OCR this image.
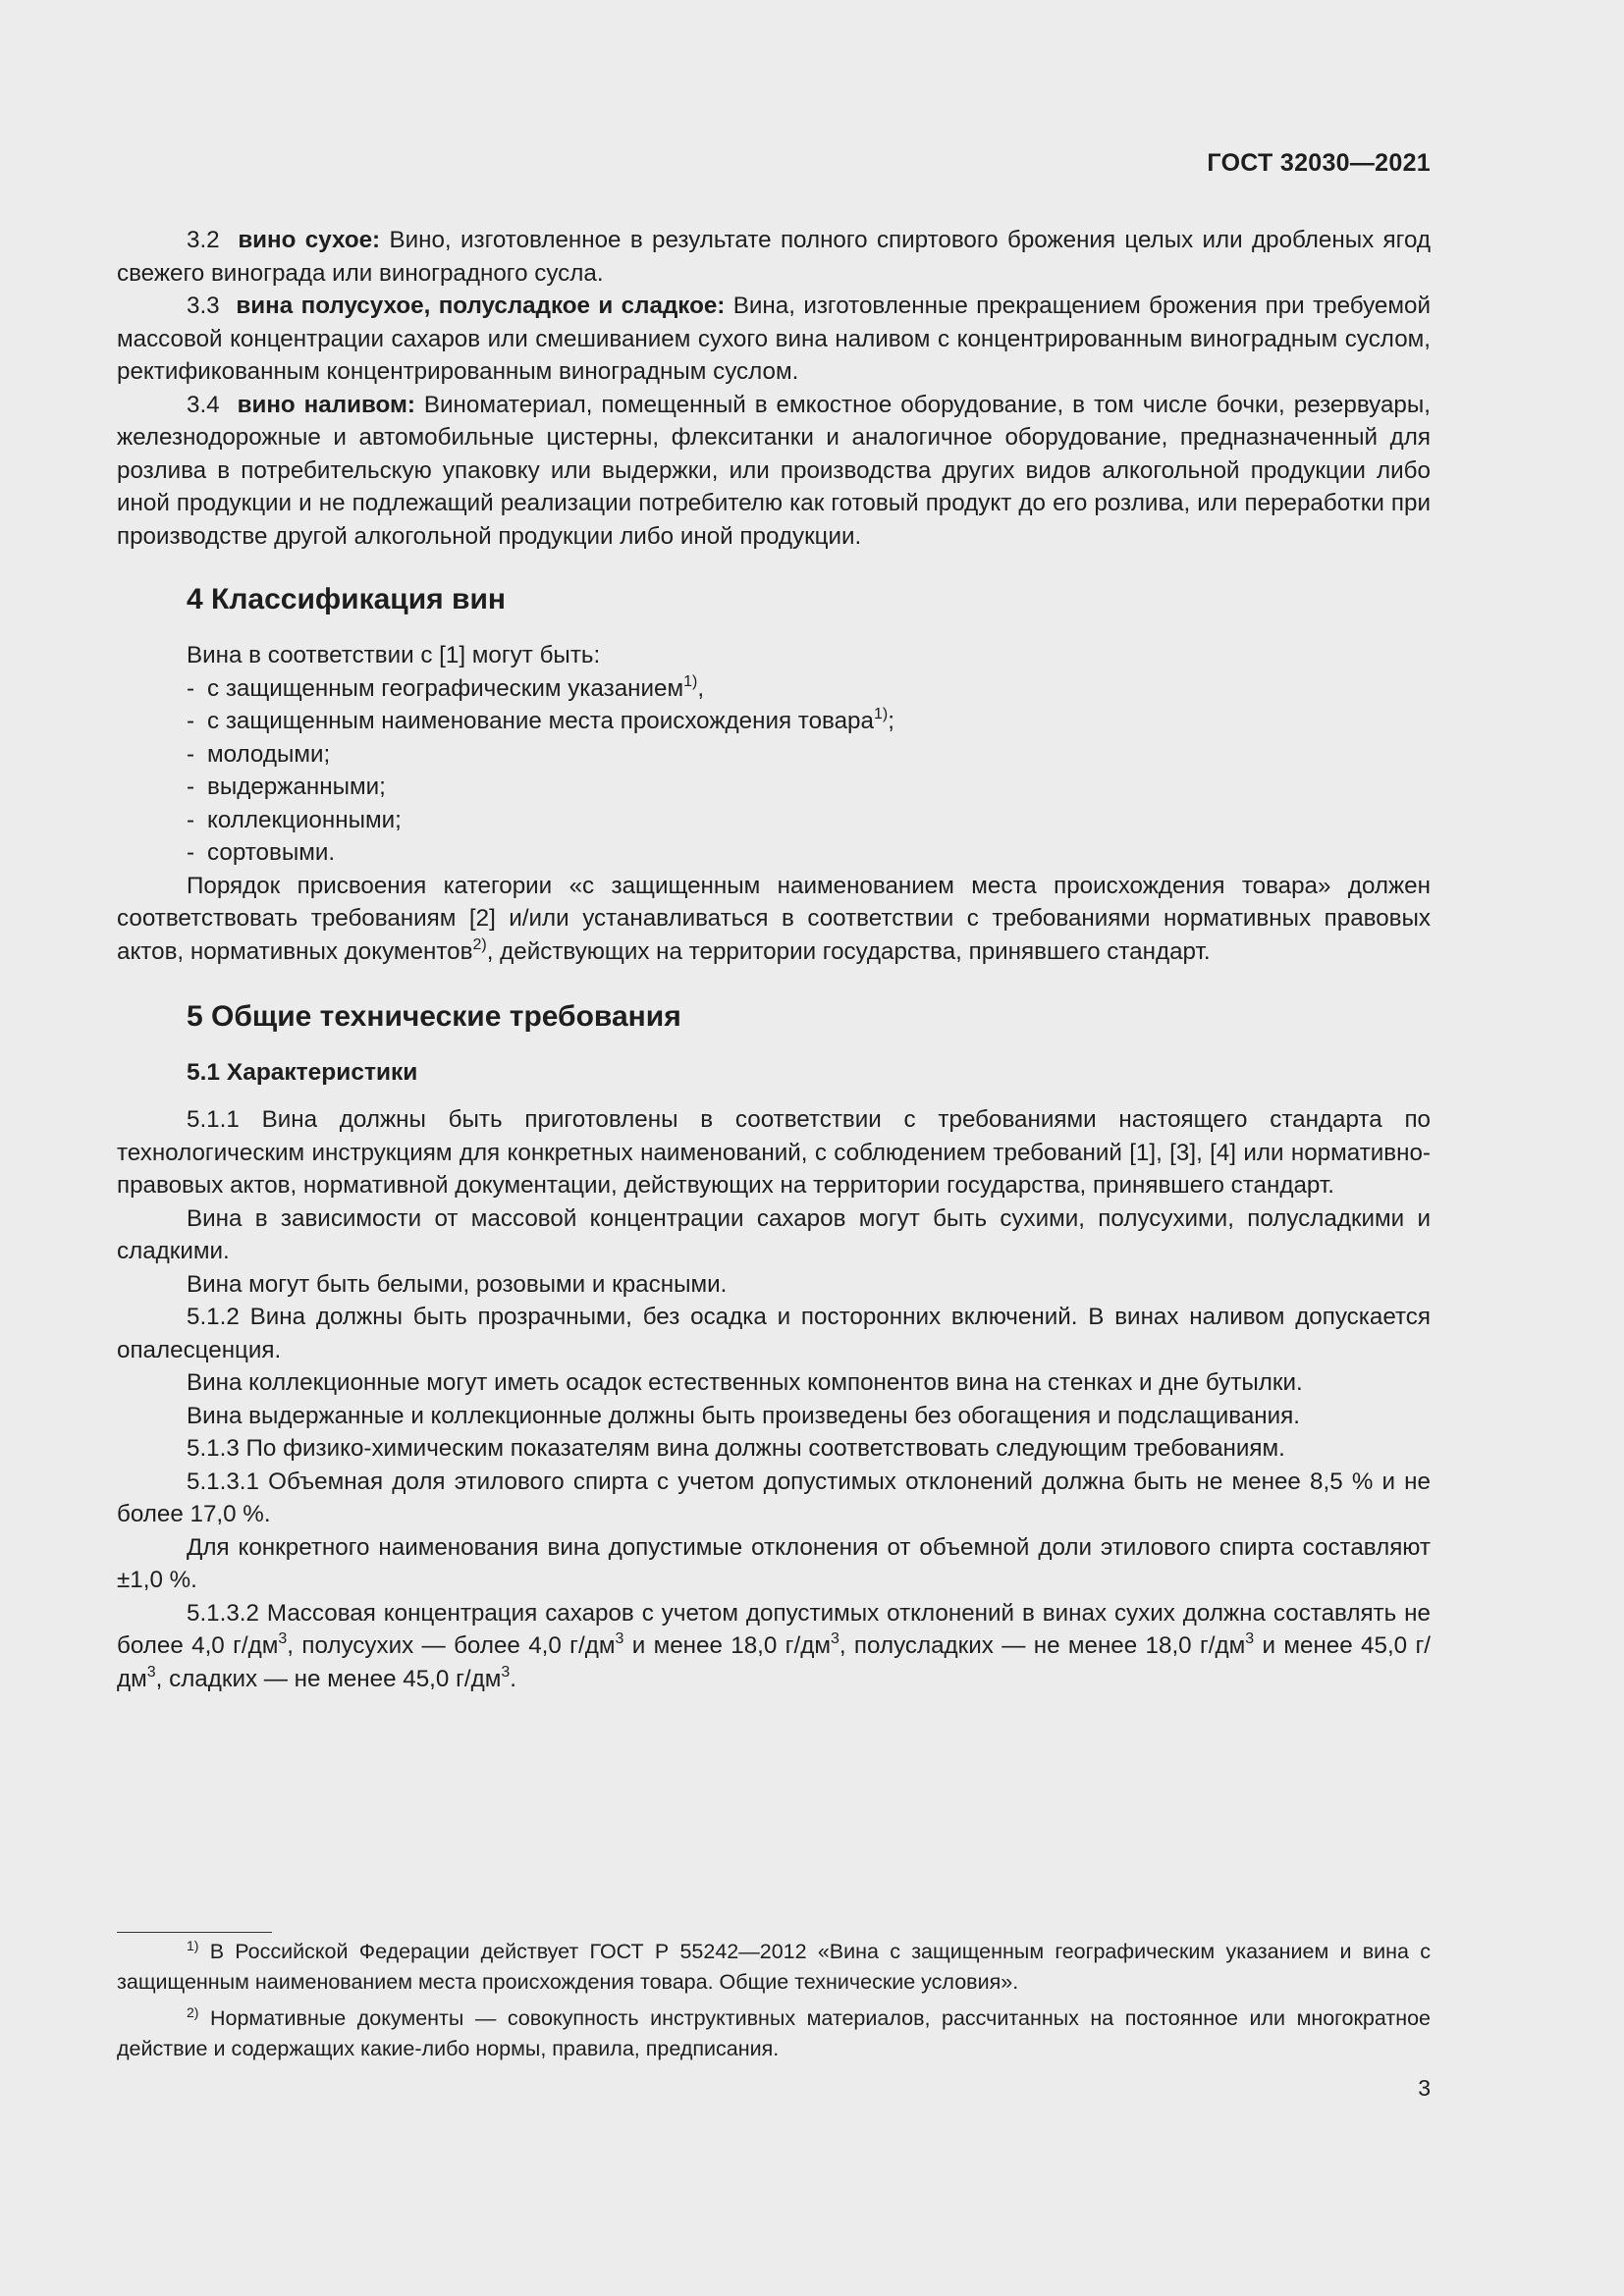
ГОСТ 32030—2021

3.2 вино сухое: Вино, изготовленное в результате полного спиртового брожения целых или дробленых ягод свежего винограда или виноградного сусла.

3.3 вина полусухое, полусладкое и сладкое: Вина, изготовленные прекращением брожения при требуемой массовой концентрации сахаров или смешиванием сухого вина наливом с концентрированным виноградным суслом, ректификованным концентрированным виноградным суслом.

3.4 вино наливом: Виноматериал, помещенный в емкостное оборудование, в том числе бочки, резервуары, железнодорожные и автомобильные цистерны, флекситанки и аналогичное оборудование, предназначенный для розлива в потребительскую упаковку или выдержки, или производства других видов алкогольной продукции либо иной продукции и не подлежащий реализации потребителю как готовый продукт до его розлива, или переработки при производстве другой алкогольной продукции либо иной продукции.

4 Классификация вин

Вина в соответствии с [1] могут быть:

- с защищенным географическим указанием$^{1)}$,
- с защищенным наименование места происхождения товара$^{1)}$;
- молодыми;
- выдержанными;
- коллекционными;
- сортовыми.

Порядок присвоения категории «с защищенным наименованием места происхождения товара» должен соответствовать требованиям [2] и/или устанавливаться в соответствии с требованиями нормативных правовых актов, нормативных документов$^{2)}$, действующих на территории государства, принявшего стандарт.

5 Общие технические требования
5.1 Характеристики

5.1.1 Вина должны быть приготовлены в соответствии с требованиями настоящего стандарта по технологическим инструкциям для конкретных наименований, с соблюдением требований [1], [3], [4] или нормативно-правовых актов, нормативной документации, действующих на территории государства, принявшего стандарт.

Вина в зависимости от массовой концентрации сахаров могут быть сухими, полусухими, полусладкими и сладкими.

Вина могут быть белыми, розовыми и красными.

5.1.2 Вина должны быть прозрачными, без осадка и посторонних включений. В винах наливом допускается опалесценция.

Вина коллекционные могут иметь осадок естественных компонентов вина на стенках и дне бутылки.

Вина выдержанные и коллекционные должны быть произведены без обогащения и подслащивания.

5.1.3 По физико-химическим показателям вина должны соответствовать следующим требованиям.

5.1.3.1 Объемная доля этилового спирта с учетом допустимых отклонений должна быть не менее 8,5 % и не более 17,0 %.

Для конкретного наименования вина допустимые отклонения от объемной доли этилового спирта составляют ±1,0 %.

5.1.3.2 Массовая концентрация сахаров с учетом допустимых отклонений в винах сухих должна составлять не более 4,0 $г/дм^3$, полусухих — более 4,0 $г/дм^3$ и менее 18,0 $г/дм^3$, полусладких — не менее 18,0 $г/дм^3$ и менее 45,0 $г/дм^3$, сладких — не менее 45,0 $г/дм^3$.

$^{1)}$ В Российской Федерации действует ГОСТ Р 55242—2012 «Вина с защищенным географическим указанием и вина с защищенным наименованием места происхождения товара. Общие технические условия».

$^{2)}$ Нормативные документы — совокупность инструктивных материалов, рассчитанных на постоянное или многократное действие и содержащих какие-либо нормы, правила, предписания.

3
